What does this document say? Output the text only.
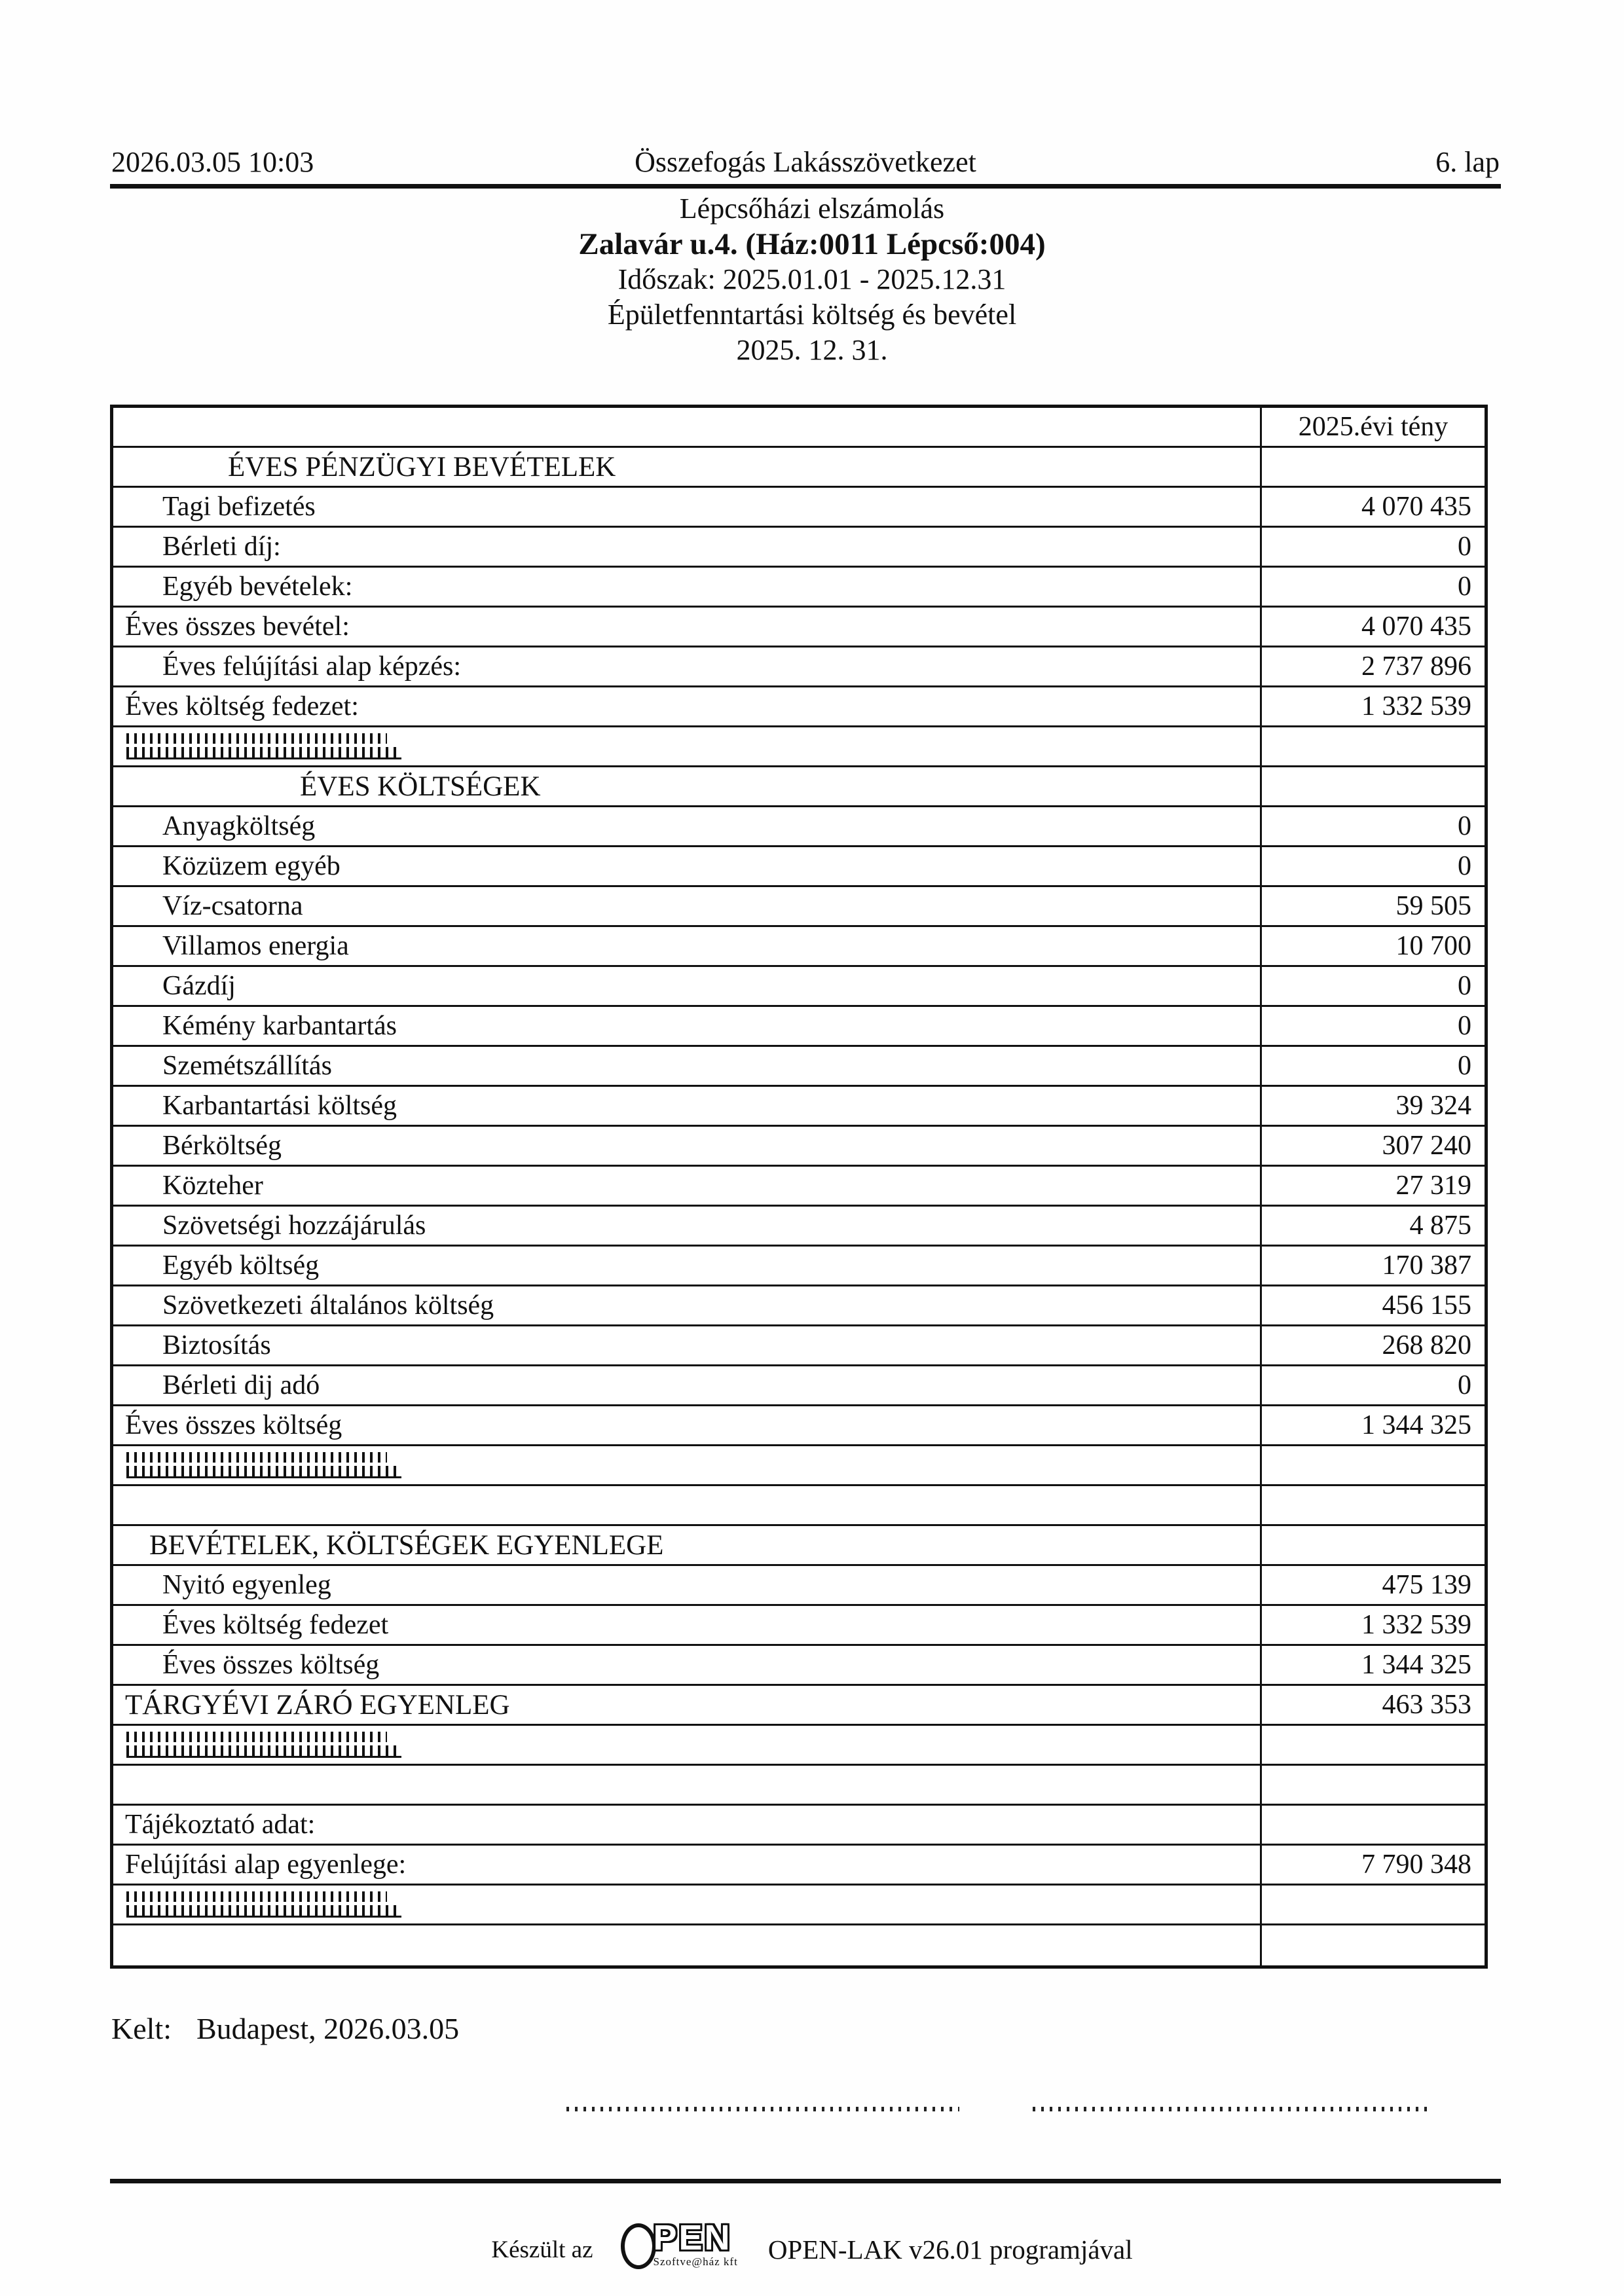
2026.03.05 10:03	Összefogás Lakásszövetkezet	6. lap
Lépcsőházi elszámolás
Zalavár u.4. (Ház:0011 Lépcső:004)
Időszak: 2025.01.01 - 2025.12.31
Épületfenntartási költség és bevétel
2025. 12. 31.
2025.évi tény
ÉVES PÉNZÜGYI BEVÉTELEK
Tagi befizetés	4 070 435
Bérleti díj:	0
Egyéb bevételek:	0
Éves összes bevétel:	4 070 435
Éves felújítási alap képzés:	2 737 896
Éves költség fedezet:	1 332 539
ÉVES KÖLTSÉGEK
Anyagköltség	0
Közüzem egyéb	0
Víz-csatorna	59 505
Villamos energia	10 700
Gázdíj	0
Kémény karbantartás	0
Szemétszállítás	0
Karbantartási költség	39 324
Bérköltség	307 240
Közteher	27 319
Szövetségi hozzájárulás	4 875
Egyéb költség	170 387
Szövetkezeti általános költség	456 155
Biztosítás	268 820
Bérleti dij adó	0
Éves összes költség	1 344 325
BEVÉTELEK, KÖLTSÉGEK EGYENLEGE
Nyitó egyenleg	475 139
Éves költség fedezet	1 332 539
Éves összes költség	1 344 325
TÁRGYÉVI ZÁRÓ EGYENLEG	463 353
Tájékoztató adat:
Felújítási alap egyenlege:	7 790 348
Kelt: Budapest, 2026.03.05
Készült az PEN
Szoftve@ház kft OPEN-LAK v26.01 programjával
